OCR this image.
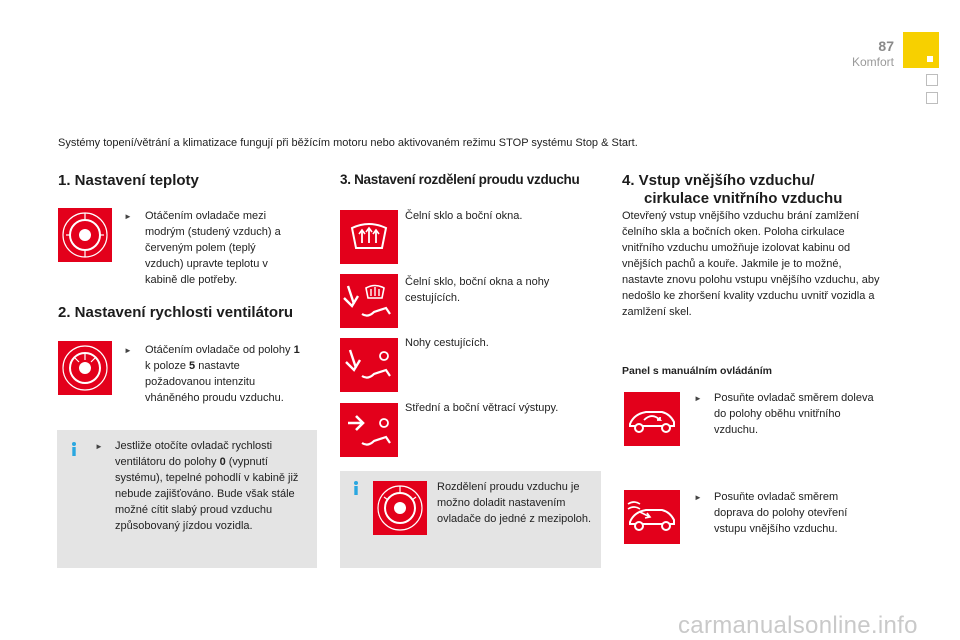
87
Komfort
Systémy topení/větrání a klimatizace fungují při běžícím motoru nebo aktivovaném režimu STOP systému Stop & Start.
1. Nastavení teploty
► Otáčením ovladače mezi modrým (studený vzduch) a červeným polem (teplý vzduch) upravte teplotu v kabině dle potřeby.
2. Nastavení rychlosti ventilátoru
► Otáčením ovladače od polohy 1 k poloze 5 nastavte požadovanou intenzitu vháněného proudu vzduchu.
► Jestliže otočíte ovladač rychlosti ventilátoru do polohy 0 (vypnutí systému), tepelné pohodlí v kabině již nebude zajišťováno. Bude však stále možné cítit slabý proud vzduchu způsobovaný jízdou vozidla.
3. Nastavení rozdělení proudu vzduchu
Čelní sklo a boční okna.
Čelní sklo, boční okna a nohy cestujících.
Nohy cestujících.
Střední a boční větrací výstupy.
Rozdělení proudu vzduchu je možno doladit nastavením ovladače do jedné z mezipoloh.
4. Vstup vnějšího vzduchu/
cirkulace vnitřního vzduchu
Otevřený vstup vnějšího vzduchu brání zamlžení čelního skla a bočních oken. Poloha cirkulace vnitřního vzduchu umožňuje izolovat kabinu od vnějších pachů a kouře. Jakmile je to možné, nastavte znovu polohu vstupu vnějšího vzduchu, aby nedošlo ke zhoršení kvality vzduchu uvnitř vozidla a zamlžení skel.
Panel s manuálním ovládáním
► Posuňte ovladač směrem doleva do polohy oběhu vnitřního vzduchu.
► Posuňte ovladač směrem doprava do polohy otevření vstupu vnějšího vzduchu.
carmanualsonline.info
